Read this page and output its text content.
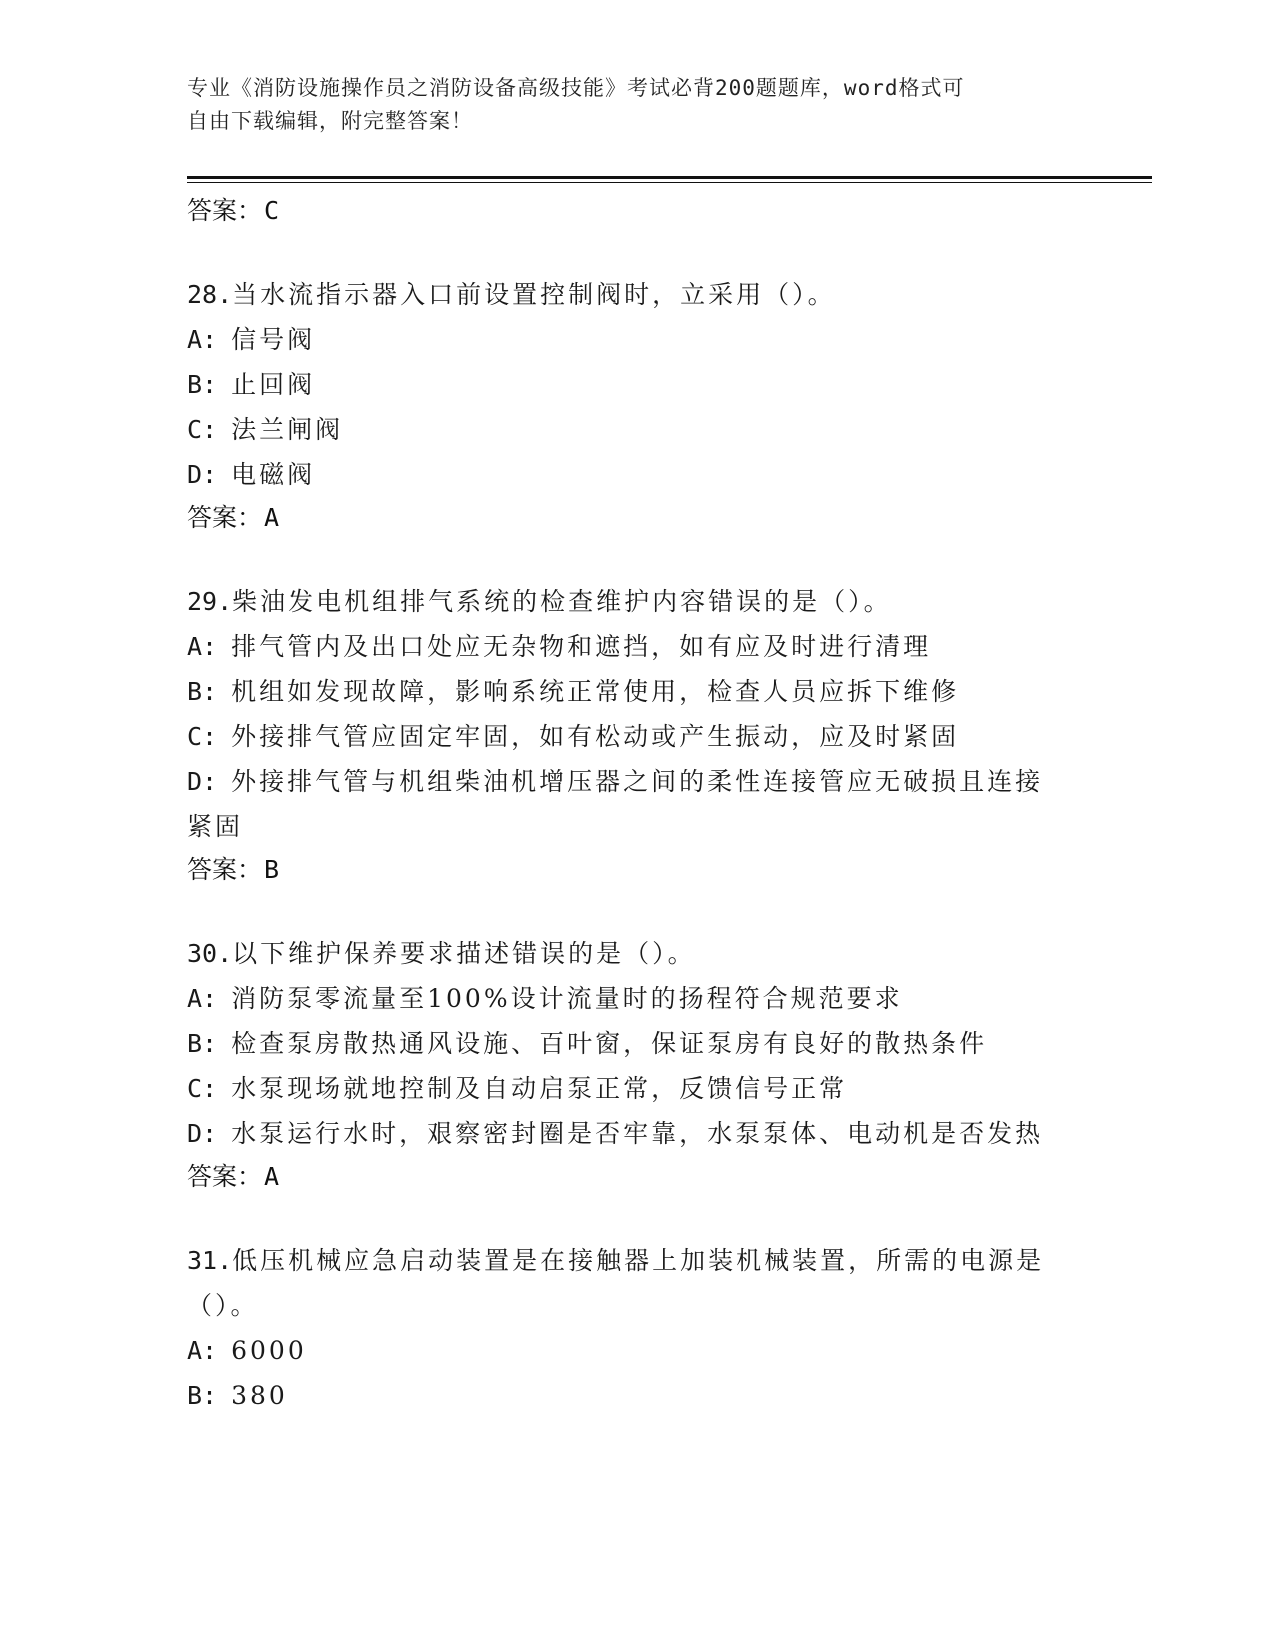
专业《消防设施操作员之消防设备高级技能》考试必背200题题库，word格式可
自由下载编辑，附完整答案！
答案：C
28.当水流指示器入口前设置控制阀时，立采用（）。
A: 信号阀
B: 止回阀
C: 法兰闸阀
D: 电磁阀
答案：A
29.柴油发电机组排气系统的检查维护内容错误的是（）。
A: 排气管内及出口处应无杂物和遮挡，如有应及时进行清理
B: 机组如发现故障，影响系统正常使用，检查人员应拆下维修
C: 外接排气管应固定牢固，如有松动或产生振动，应及时紧固
D: 外接排气管与机组柴油机增压器之间的柔性连接管应无破损且连接
紧固
答案：B
30.以下维护保养要求描述错误的是（）。
A: 消防泵零流量至100%设计流量时的扬程符合规范要求
B: 检查泵房散热通风设施、百叶窗，保证泵房有良好的散热条件
C: 水泵现场就地控制及自动启泵正常，反馈信号正常
D: 水泵运行水时，艰察密封圈是否牢靠，水泵泵体、电动机是否发热
答案：A
31.低压机械应急启动装置是在接触器上加装机械装置，所需的电源是
（）。
A: 6000
B: 380
